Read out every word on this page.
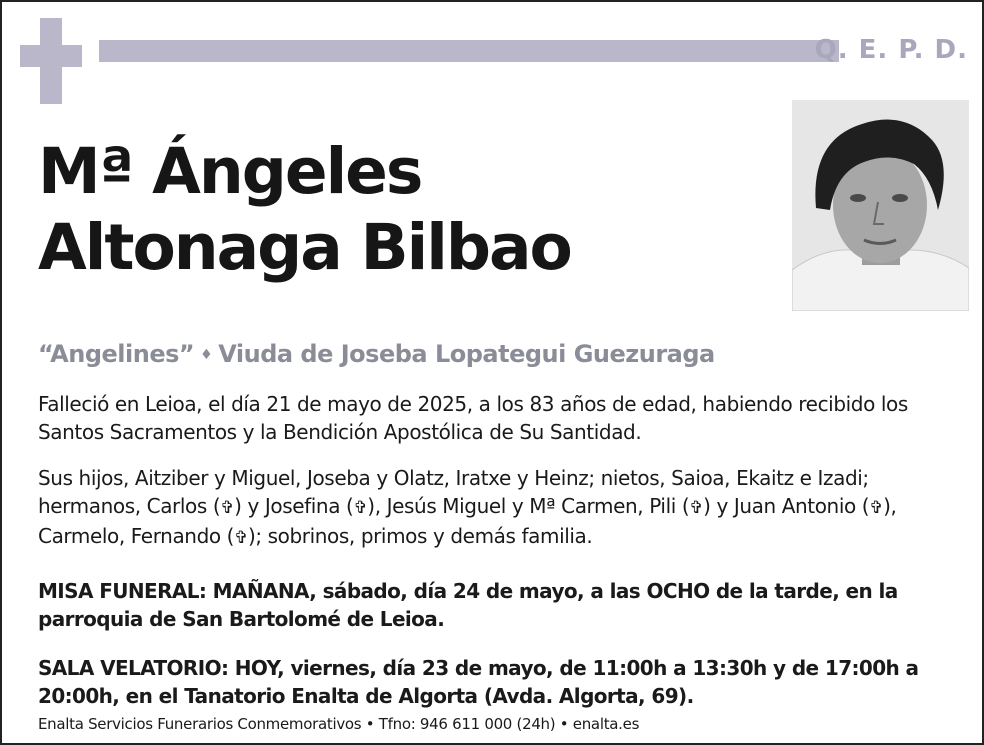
Q. E. P. D.
Mª Ángeles
Altonaga Bilbao
“Angelines” ♦ Viuda de Joseba Lopategui Guezuraga

Falleció en Leioa, el día 21 de mayo de 2025, a los 83 años de edad, habiendo recibido los Santos Sacramentos y la Bendición Apostólica de Su Santidad.

Sus hijos, Aitziber y Miguel, Joseba y Olatz, Iratxe y Heinz; nietos, Saioa, Ekaitz e Izadi; hermanos, Carlos (✞) y Josefina (✞), Jesús Miguel y Mª Carmen, Pili (✞) y Juan Antonio (✞), Carmelo, Fernando (✞); sobrinos, primos y demás familia.

MISA FUNERAL: MAÑANA, sábado, día 24 de mayo, a las OCHO de la tarde, en la parroquia de San Bartolomé de Leioa.

SALA VELATORIO: HOY, viernes, día 23 de mayo, de 11:00h a 13:30h y de 17:00h a 20:00h, en el Tanatorio Enalta de Algorta (Avda. Algorta, 69).

Enalta Servicios Funerarios Conmemorativos • Tfno: 946 611 000 (24h) • enalta.es
